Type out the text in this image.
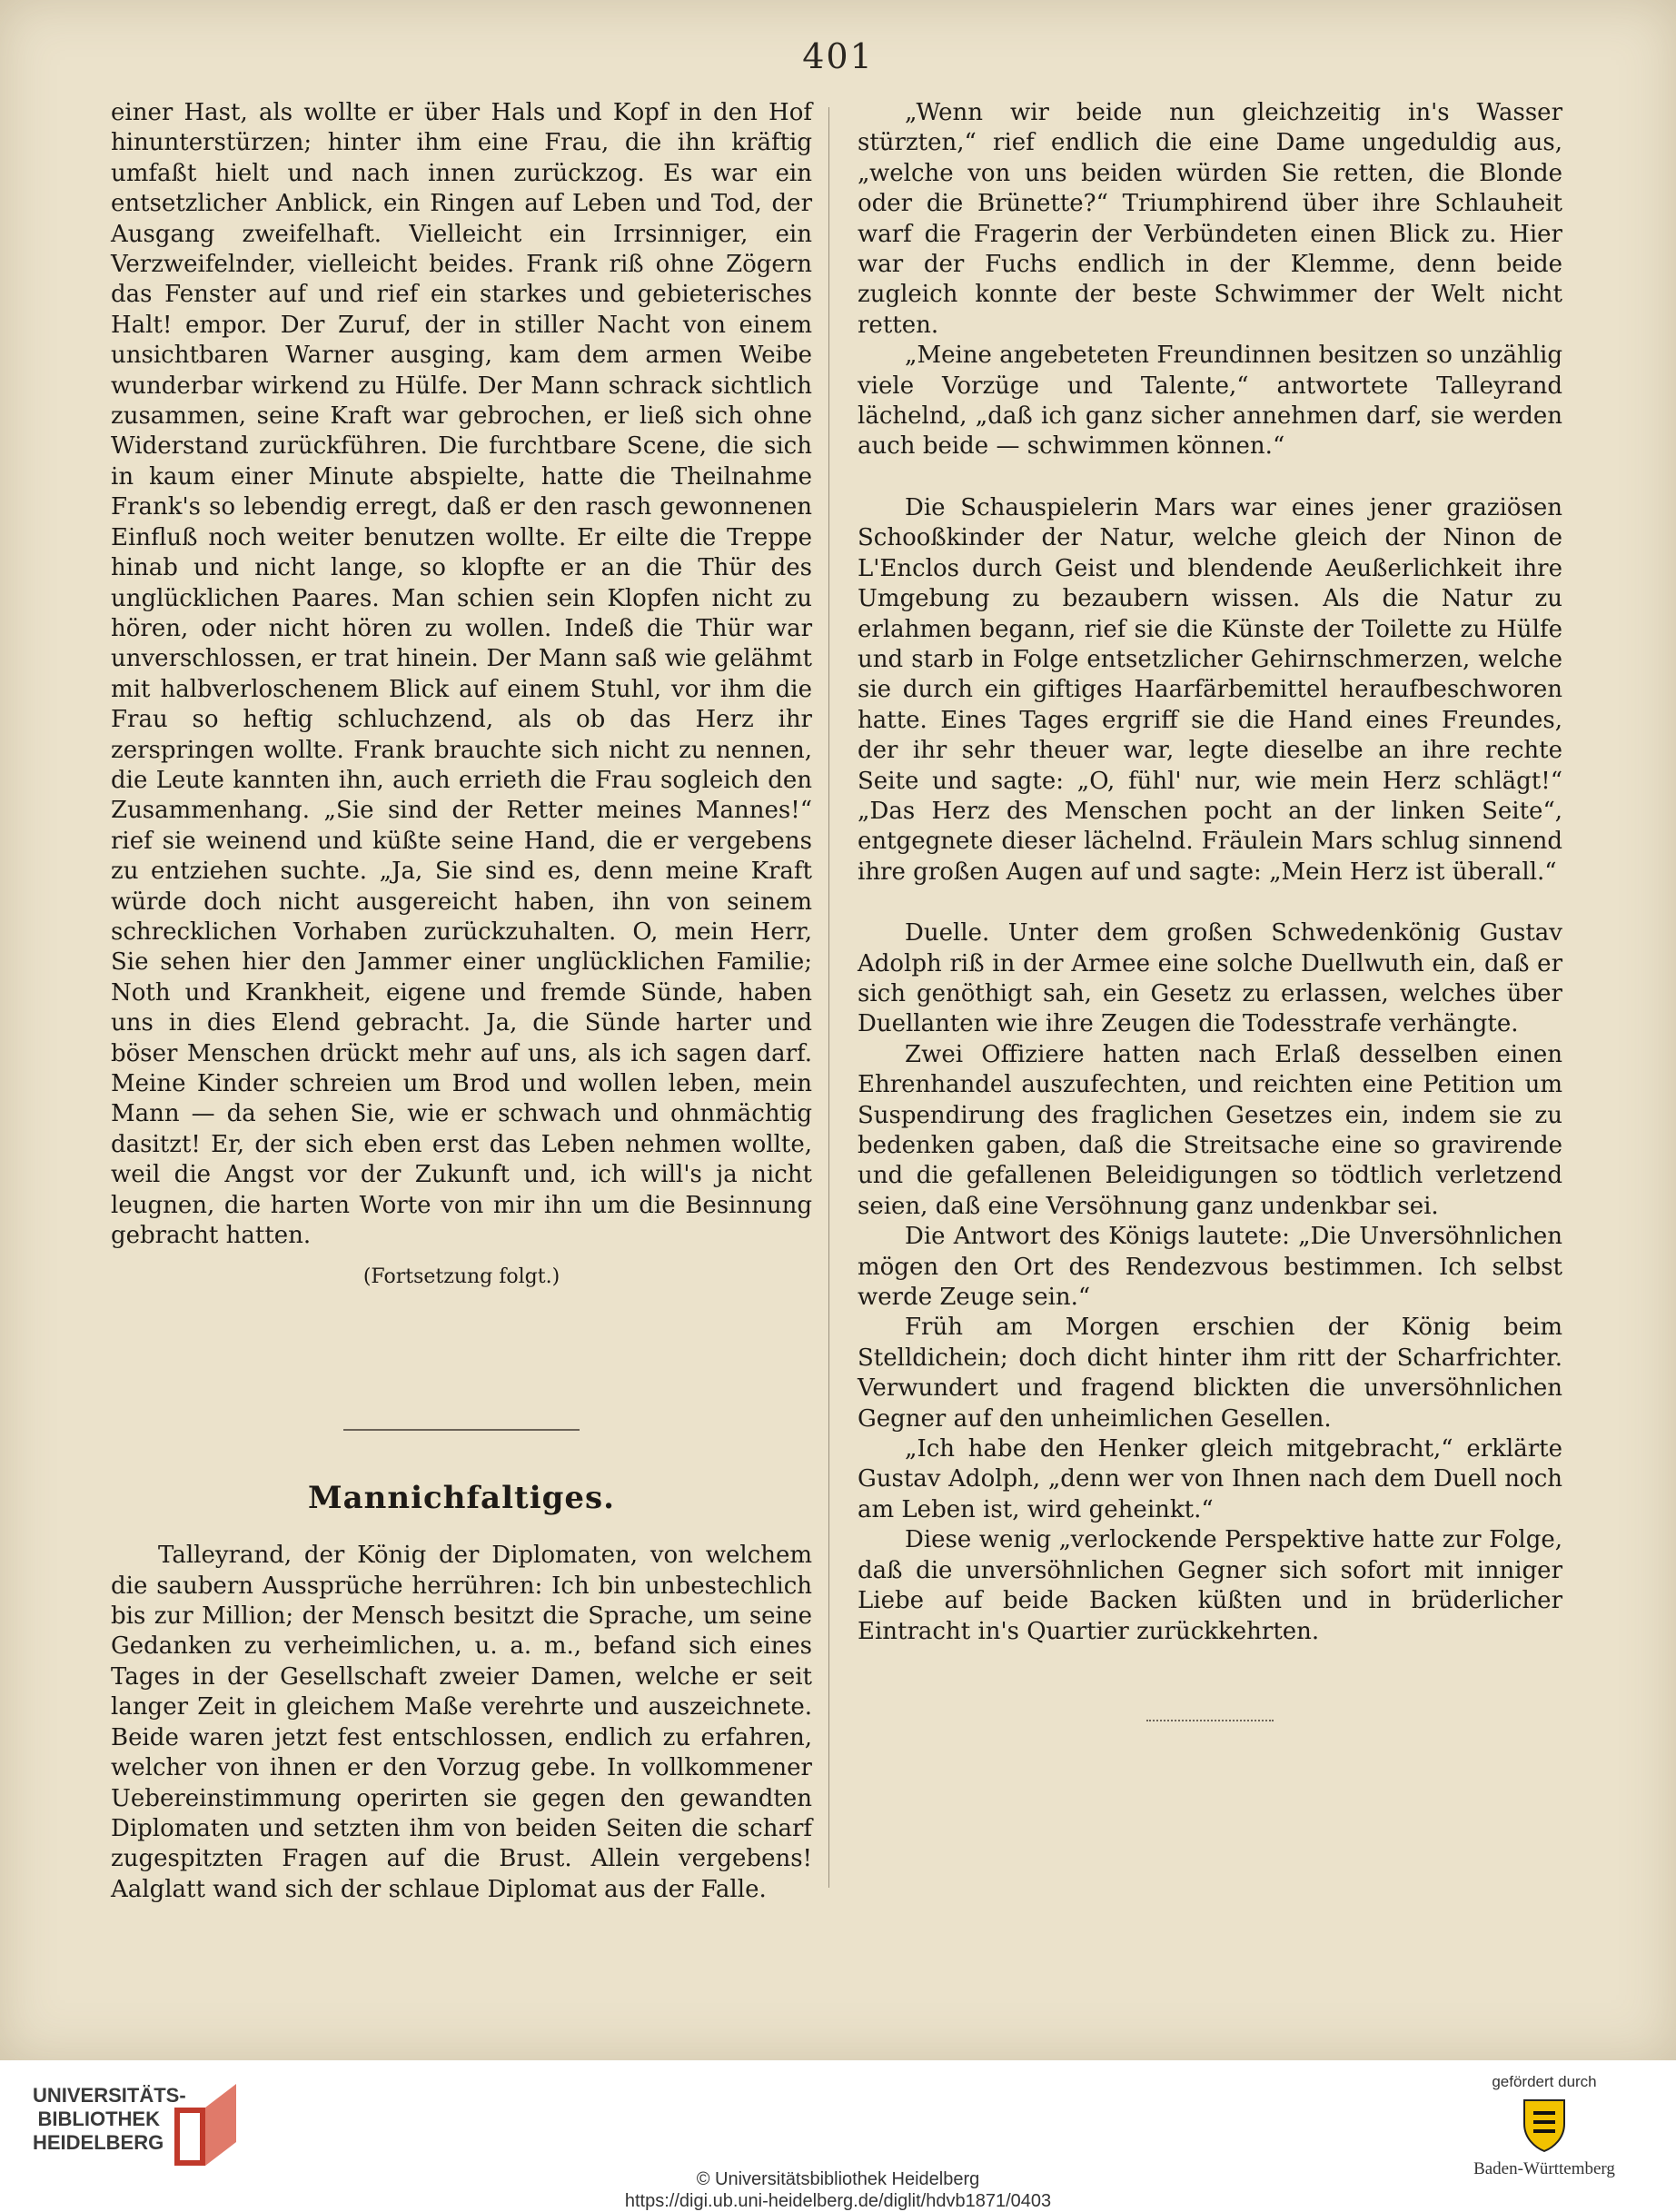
401

einer Hast, als wollte er über Hals und Kopf in den Hof hinunterstürzen; hinter ihm eine Frau, die ihn kräftig umfaßt hielt und nach innen zurückzog. Es war ein entsetzlicher Anblick, ein Ringen auf Leben und Tod, der Ausgang zweifelhaft. Vielleicht ein Irrsinniger, ein Verzweifelnder, vielleicht beides. Frank riß ohne Zögern das Fenster auf und rief ein starkes und gebieterisches Halt! empor. Der Zuruf, der in stiller Nacht von einem unsichtbaren Warner ausging, kam dem armen Weibe wunderbar wirkend zu Hülfe. Der Mann schrack sichtlich zusammen, seine Kraft war gebrochen, er ließ sich ohne Widerstand zurückführen. Die furchtbare Scene, die sich in kaum einer Minute abspielte, hatte die Theilnahme Frank's so lebendig erregt, daß er den rasch gewonnenen Einfluß noch weiter benutzen wollte. Er eilte die Treppe hinab und nicht lange, so klopfte er an die Thür des unglücklichen Paares. Man schien sein Klopfen nicht zu hören, oder nicht hören zu wollen. Indeß die Thür war unverschlossen, er trat hinein. Der Mann saß wie gelähmt mit halbverloschenem Blick auf einem Stuhl, vor ihm die Frau so heftig schluchzend, als ob das Herz ihr zerspringen wollte. Frank brauchte sich nicht zu nennen, die Leute kannten ihn, auch errieth die Frau sogleich den Zusammenhang. „Sie sind der Retter meines Mannes!“ rief sie weinend und küßte seine Hand, die er vergebens zu entziehen suchte. „Ja, Sie sind es, denn meine Kraft würde doch nicht ausgereicht haben, ihn von seinem schrecklichen Vorhaben zurückzuhalten. O, mein Herr, Sie sehen hier den Jammer einer unglücklichen Familie; Noth und Krankheit, eigene und fremde Sünde, haben uns in dies Elend gebracht. Ja, die Sünde harter und böser Menschen drückt mehr auf uns, als ich sagen darf. Meine Kinder schreien um Brod und wollen leben, mein Mann — da sehen Sie, wie er schwach und ohnmächtig dasitzt! Er, der sich eben erst das Leben nehmen wollte, weil die Angst vor der Zukunft und, ich will's ja nicht leugnen, die harten Worte von mir ihn um die Besinnung gebracht hatten.

(Fortsetzung folgt.)

Mannichfaltiges.

Talleyrand, der König der Diplomaten, von welchem die saubern Aussprüche herrühren: Ich bin unbestechlich bis zur Million; der Mensch besitzt die Sprache, um seine Gedanken zu verheimlichen, u. a. m., befand sich eines Tages in der Gesellschaft zweier Damen, welche er seit langer Zeit in gleichem Maße verehrte und auszeichnete. Beide waren jetzt fest entschlossen, endlich zu erfahren, welcher von ihnen er den Vorzug gebe. In vollkommener Uebereinstimmung operirten sie gegen den gewandten Diplomaten und setzten ihm von beiden Seiten die scharf zugespitzten Fragen auf die Brust. Allein vergebens! Aalglatt wand sich der schlaue Diplomat aus der Falle.

„Wenn wir beide nun gleichzeitig in's Wasser stürzten,“ rief endlich die eine Dame ungeduldig aus, „welche von uns beiden würden Sie retten, die Blonde oder die Brünette?“ Triumphirend über ihre Schlauheit warf die Fragerin der Verbündeten einen Blick zu. Hier war der Fuchs endlich in der Klemme, denn beide zugleich konnte der beste Schwimmer der Welt nicht retten.

„Meine angebeteten Freundinnen besitzen so unzählig viele Vorzüge und Talente,“ antwortete Talleyrand lächelnd, „daß ich ganz sicher annehmen darf, sie werden auch beide — schwimmen können.“

Die Schauspielerin Mars war eines jener graziösen Schooßkinder der Natur, welche gleich der Ninon de L'Enclos durch Geist und blendende Aeußerlichkeit ihre Umgebung zu bezaubern wissen. Als die Natur zu erlahmen begann, rief sie die Künste der Toilette zu Hülfe und starb in Folge entsetzlicher Gehirnschmerzen, welche sie durch ein giftiges Haarfärbemittel heraufbeschworen hatte. Eines Tages ergriff sie die Hand eines Freundes, der ihr sehr theuer war, legte dieselbe an ihre rechte Seite und sagte: „O, fühl' nur, wie mein Herz schlägt!“ „Das Herz des Menschen pocht an der linken Seite“, entgegnete dieser lächelnd. Fräulein Mars schlug sinnend ihre großen Augen auf und sagte: „Mein Herz ist überall.“

Duelle. Unter dem großen Schwedenkönig Gustav Adolph riß in der Armee eine solche Duellwuth ein, daß er sich genöthigt sah, ein Gesetz zu erlassen, welches über Duellanten wie ihre Zeugen die Todesstrafe verhängte.

Zwei Offiziere hatten nach Erlaß desselben einen Ehrenhandel auszufechten, und reichten eine Petition um Suspendirung des fraglichen Gesetzes ein, indem sie zu bedenken gaben, daß die Streitsache eine so gravirende und die gefallenen Beleidigungen so tödtlich verletzend seien, daß eine Versöhnung ganz undenkbar sei.

Die Antwort des Königs lautete: „Die Unversöhnlichen mögen den Ort des Rendezvous bestimmen. Ich selbst werde Zeuge sein.“

Früh am Morgen erschien der König beim Stelldichein; doch dicht hinter ihm ritt der Scharfrichter. Verwundert und fragend blickten die unversöhnlichen Gegner auf den unheimlichen Gesellen.

„Ich habe den Henker gleich mitgebracht,“ erklärte Gustav Adolph, „denn wer von Ihnen nach dem Duell noch am Leben ist, wird geheinkt.“

Diese wenig „verlockende Perspektive hatte zur Folge, daß die unversöhnlichen Gegner sich sofort mit inniger Liebe auf beide Backen küßten und in brüderlicher Eintracht in's Quartier zurückkehrten.

UNIVERSITÄTS-
BIBLIOTHEK
HEIDELBERG
© Universitätsbibliothek Heidelberg
https://digi.ub.uni-heidelberg.de/diglit/hdvb1871/0403
gefördert durch
Baden-Württemberg
